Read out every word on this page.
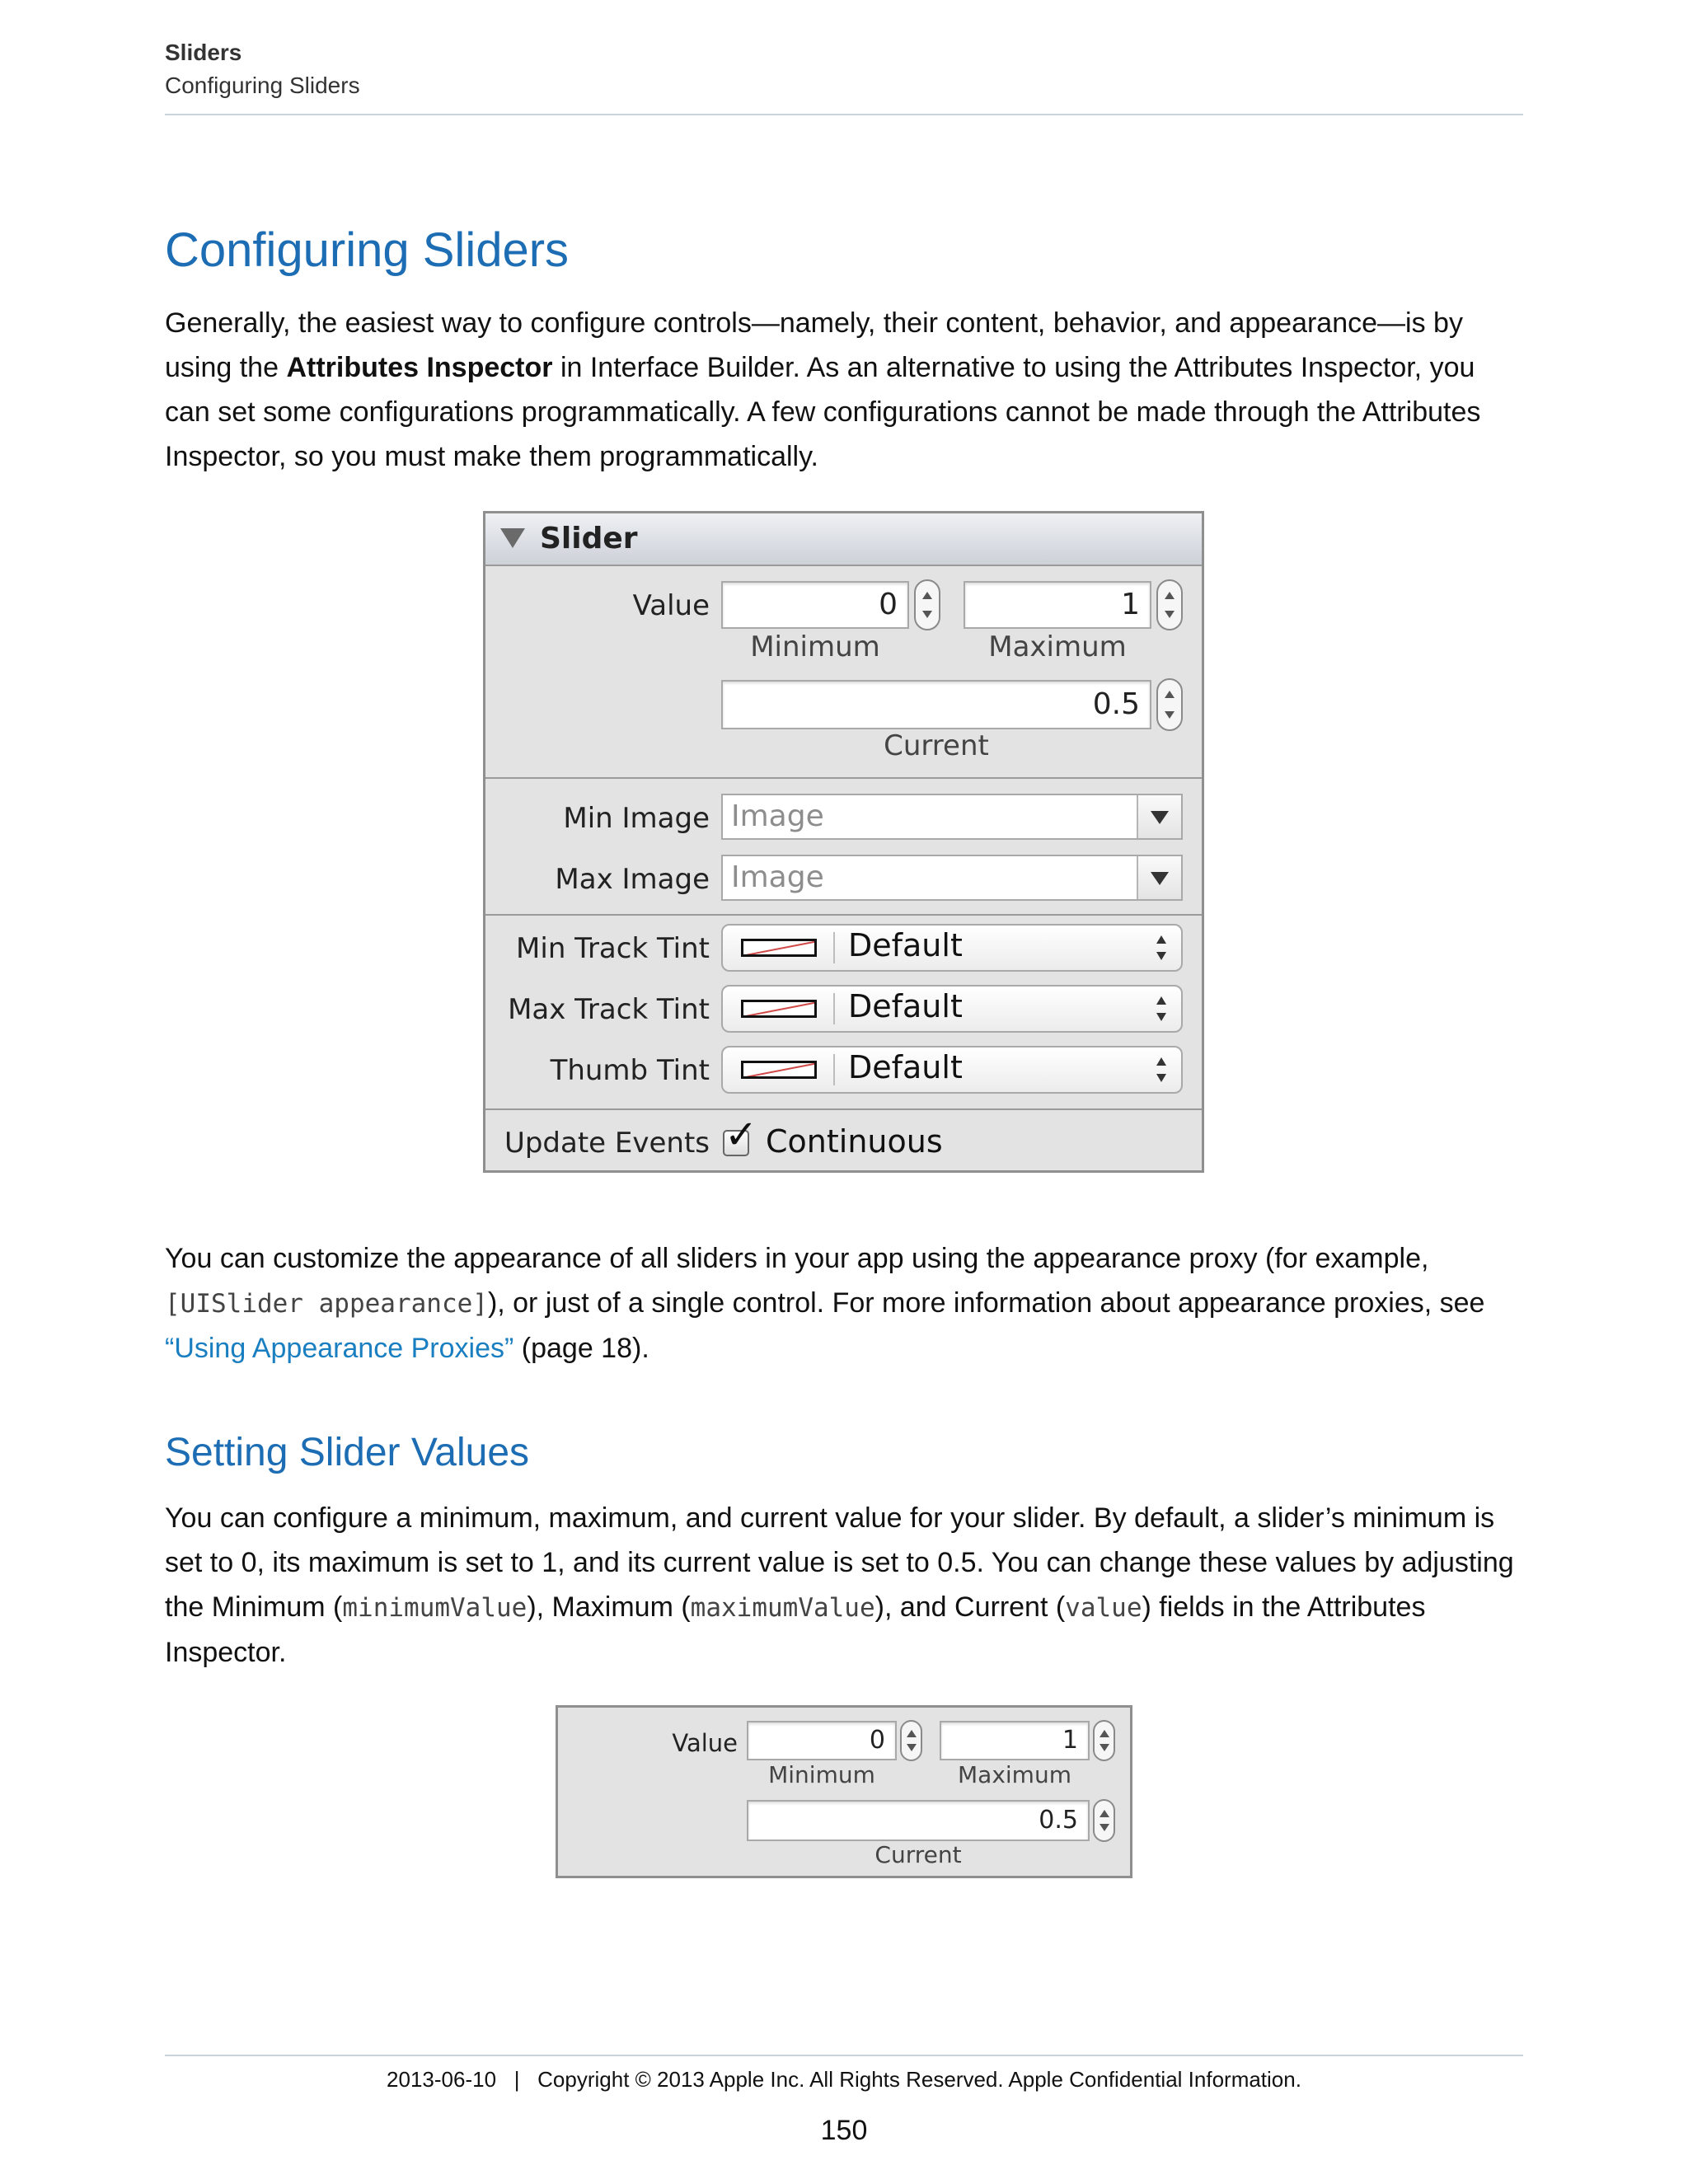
Sliders
Configuring Sliders
Configuring Sliders

Generally, the easiest way to configure controls—namely, their content, behavior, and appearance—is by using the Attributes Inspector in Interface Builder. As an alternative to using the Attributes Inspector, you can set some configurations programmatically. A few configurations cannot be made through the Attributes Inspector, so you must make them programmatically.

Slider
Value	0	1
Minimum	Maximum
0.5
Current
Min Image Image
Max Image Image
Min Track Tint	Default
Max Track Tint	Default
Thumb Tint	Default
Update Events ✓ Continuous

You can customize the appearance of all sliders in your app using the appearance proxy (for example, [UISlider appearance]), or just of a single control. For more information about appearance proxies, see “Using Appearance Proxies” (page 18).

Setting Slider Values

You can configure a minimum, maximum, and current value for your slider. By default, a slider’s minimum is set to 0, its maximum is set to 1, and its current value is set to 0.5. You can change these values by adjusting the Minimum (minimumValue), Maximum (maximumValue), and Current (value) fields in the Attributes Inspector.

Value	0	1
Minimum	Maximum
0.5
Current
2013-06-10 | Copyright © 2013 Apple Inc. All Rights Reserved. Apple Confidential Information.
150
